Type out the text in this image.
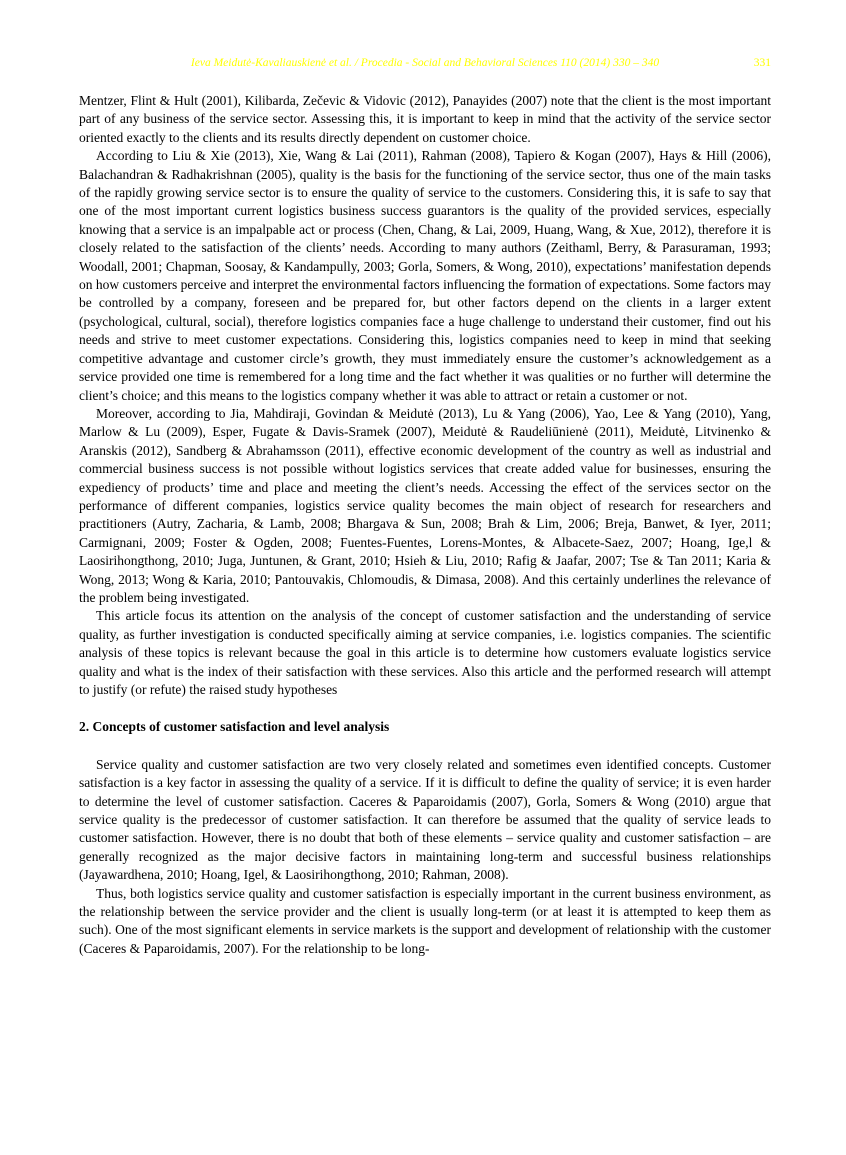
Ieva Meidutė-Kavaliauskienė et al. / Procedia - Social and Behavioral Sciences 110 (2014) 330 – 340	331

Mentzer, Flint & Hult (2001), Kilibarda, Zečevic & Vidovic (2012), Panayides (2007) note that the client is the most important part of any business of the service sector. Assessing this, it is important to keep in mind that the activity of the service sector oriented exactly to the clients and its results directly dependent on customer choice.

According to Liu & Xie (2013), Xie, Wang & Lai (2011), Rahman (2008), Tapiero & Kogan (2007), Hays & Hill (2006), Balachandran & Radhakrishnan (2005), quality is the basis for the functioning of the service sector, thus one of the main tasks of the rapidly growing service sector is to ensure the quality of service to the customers. Considering this, it is safe to say that one of the most important current logistics business success guarantors is the quality of the provided services, especially knowing that a service is an impalpable act or process (Chen, Chang, & Lai, 2009, Huang, Wang, & Xue, 2012), therefore it is closely related to the satisfaction of the clients’ needs. According to many authors (Zeithaml, Berry, & Parasuraman, 1993; Woodall, 2001; Chapman, Soosay, & Kandampully, 2003; Gorla, Somers, & Wong, 2010), expectations’ manifestation depends on how customers perceive and interpret the environmental factors influencing the formation of expectations. Some factors may be controlled by a company, foreseen and be prepared for, but other factors depend on the clients in a larger extent (psychological, cultural, social), therefore logistics companies face a huge challenge to understand their customer, find out his needs and strive to meet customer expectations. Considering this, logistics companies need to keep in mind that seeking competitive advantage and customer circle’s growth, they must immediately ensure the customer’s acknowledgement as a service provided one time is remembered for a long time and the fact whether it was qualities or no further will determine the client’s choice; and this means to the logistics company whether it was able to attract or retain a customer or not.

Moreover, according to Jia, Mahdiraji, Govindan & Meidutė (2013), Lu & Yang (2006), Yao, Lee & Yang (2010), Yang, Marlow & Lu (2009), Esper, Fugate & Davis-Sramek (2007), Meidutė & Raudeliūnienė (2011), Meidutė, Litvinenko & Aranskis (2012), Sandberg & Abrahamsson (2011), effective economic development of the country as well as industrial and commercial business success is not possible without logistics services that create added value for businesses, ensuring the expediency of products’ time and place and meeting the client’s needs. Accessing the effect of the services sector on the performance of different companies, logistics service quality becomes the main object of research for researchers and practitioners (Autry, Zacharia, & Lamb, 2008; Bhargava & Sun, 2008; Brah & Lim, 2006; Breja, Banwet, & Iyer, 2011; Carmignani, 2009; Foster & Ogden, 2008; Fuentes-Fuentes, Lorens-Montes, & Albacete-Saez, 2007; Hoang, Ige,l & Laosirihongthong, 2010; Juga, Juntunen, & Grant, 2010; Hsieh & Liu, 2010; Rafig & Jaafar, 2007; Tse & Tan 2011; Karia & Wong, 2013; Wong & Karia, 2010; Pantouvakis, Chlomoudis, & Dimasa, 2008). And this certainly underlines the relevance of the problem being investigated.

This article focus its attention on the analysis of the concept of customer satisfaction and the understanding of service quality, as further investigation is conducted specifically aiming at service companies, i.e. logistics companies. The scientific analysis of these topics is relevant because the goal in this article is to determine how customers evaluate logistics service quality and what is the index of their satisfaction with these services. Also this article and the performed research will attempt to justify (or refute) the raised study hypotheses

2. Concepts of customer satisfaction and level analysis

Service quality and customer satisfaction are two very closely related and sometimes even identified concepts. Customer satisfaction is a key factor in assessing the quality of a service. If it is difficult to define the quality of service; it is even harder to determine the level of customer satisfaction. Caceres & Paparoidamis (2007), Gorla, Somers & Wong (2010) argue that service quality is the predecessor of customer satisfaction. It can therefore be assumed that the quality of service leads to customer satisfaction. However, there is no doubt that both of these elements – service quality and customer satisfaction – are generally recognized as the major decisive factors in maintaining long-term and successful business relationships (Jayawardhena, 2010; Hoang, Igel, & Laosirihongthong, 2010; Rahman, 2008).

Thus, both logistics service quality and customer satisfaction is especially important in the current business environment, as the relationship between the service provider and the client is usually long-term (or at least it is attempted to keep them as such). One of the most significant elements in service markets is the support and development of relationship with the customer (Caceres & Paparoidamis, 2007). For the relationship to be long-
